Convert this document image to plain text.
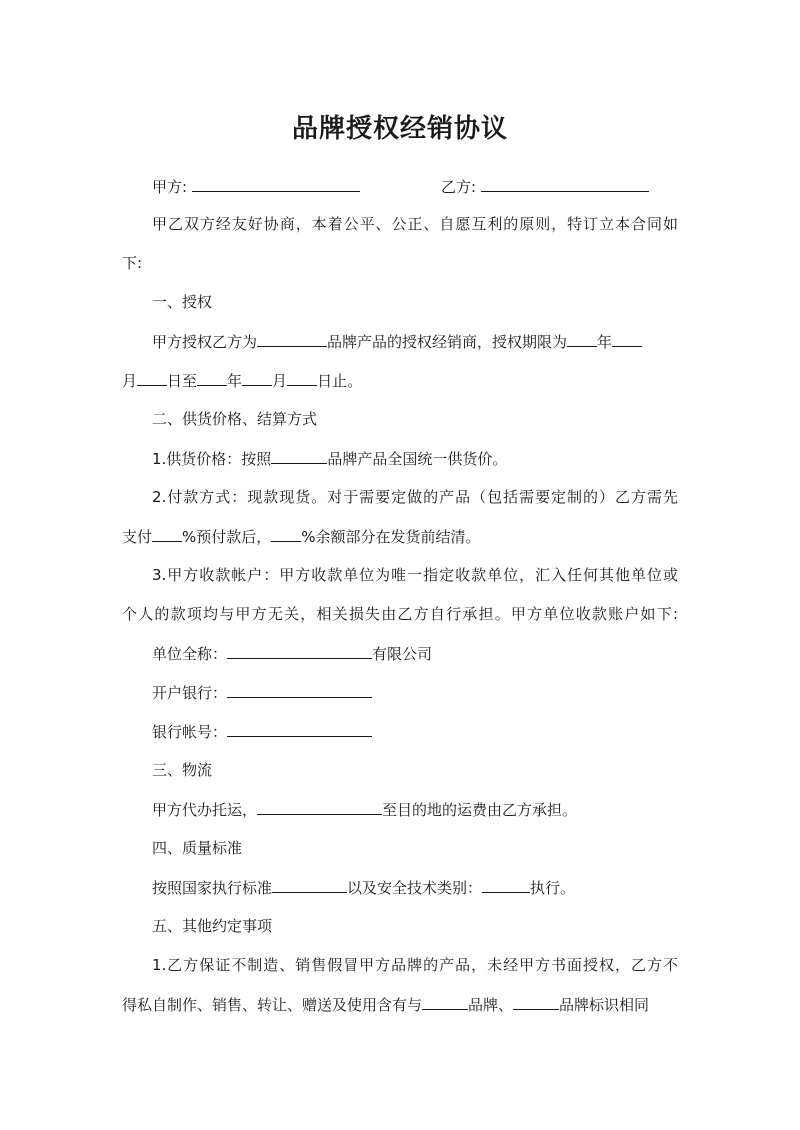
品牌授权经销协议
甲方:	乙方:
甲乙双方经友好协商，本着公平、公正、自愿互利的原则，特订立本合同如
下:
一、授权
甲方授权乙方为	品牌产品的授权经销商，授权期限为 年
月 日至 年 月 日止。
二、供货价格、结算方式
1.供货价格：按照	品牌产品全国统一供货价。
2.付款方式：现款现货。对于需要定做的产品（包括需要定制的）乙方需先
支付 %预付款后， %余额部分在发货前结清。
3.甲方收款帐户：甲方收款单位为唯一指定收款单位，汇入任何其他单位或
个人的款项均与甲方无关，相关损失由乙方自行承担。甲方单位收款账户如下:
单位全称：	有限公司
开户银行：
银行帐号：
三、物流
甲方代办托运，	至目的地的运费由乙方承担。
四、质量标准
按照国家执行标准	以及安全技术类别：	执行。
五、其他约定事项
1.乙方保证不制造、销售假冒甲方品牌的产品，未经甲方书面授权，乙方不
得私自制作、销售、转让、赠送及使用含有与	品牌、	品牌标识相同
